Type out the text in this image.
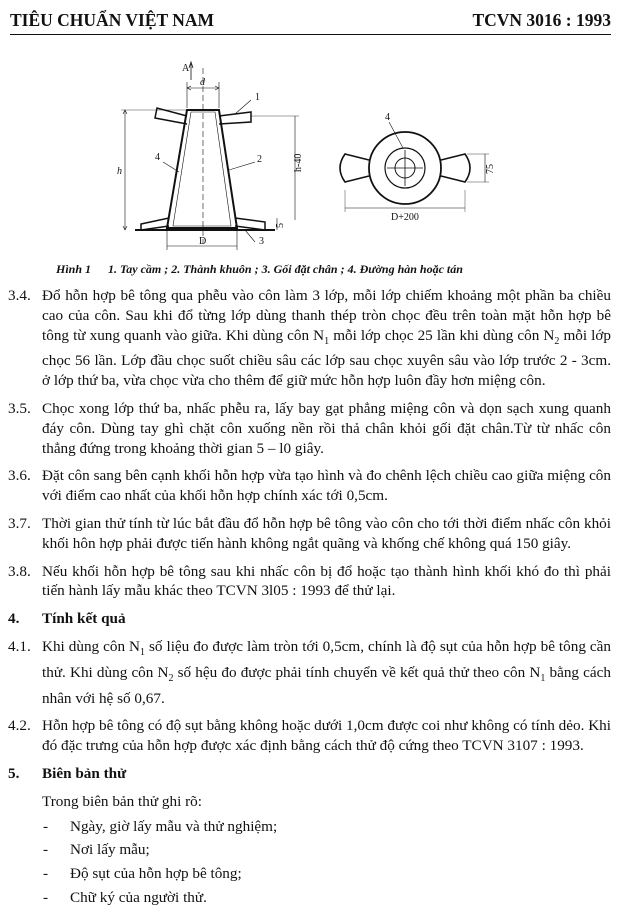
TIÊU CHUẨN VIỆT NAM	TCVN 3016 : 1993
A
d
1
2
4
h	h-40
5
D	3
4
75
D+200
Hình 1 1. Tay cầm ; 2. Thành khuôn ; 3. Gối đặt chân ; 4. Đường hàn hoặc tán
3.4. Đổ hỗn hợp bê tông qua phễu vào côn làm 3 lớp, mỗi lớp chiếm khoảng một phần ba chiều cao của côn. Sau khi đổ từng lớp dùng thanh thép tròn chọc đều trên toàn mặt hỗn hợp bê tông từ xung quanh vào giữa. Khi dùng côn $N_1$ mỗi lớp chọc 25 lần khi dùng côn $N_2$ mỗi lớp chọc 56 lần. Lớp đầu chọc suốt chiều sâu các lớp sau chọc xuyên sâu vào lớp trước 2 - 3cm. ở lớp thứ ba, vừa chọc vừa cho thêm để giữ mức hỗn hợp luôn đầy hơn miệng côn.
3.5. Chọc xong lớp thứ ba, nhấc phễu ra, lấy bay gạt phẳng miệng côn và dọn sạch xung quanh đáy côn. Dùng tay ghì chặt côn xuống nền rồi thả chân khỏi gối đặt chân.Từ từ nhấc côn thẳng đứng trong khoảng thời gian 5 – l0 giây.
3.6. Đặt côn sang bên cạnh khối hỗn hợp vừa tạo hình và đo chênh lệch chiều cao giữa miệng côn với điểm cao nhất của khối hỗn hợp chính xác tới 0,5cm.
3.7. Thời gian thử tính từ lúc bắt đầu đổ hỗn hợp bê tông vào côn cho tới thời điểm nhấc côn khỏi khối hôn hợp phải được tiến hành không ngắt quãng và khống chế không quá 150 giây.
3.8. Nếu khối hỗn hợp bê tông sau khi nhấc côn bị đổ hoặc tạo thành hình khối khó đo thì phải tiến hành lấy mẫu khác theo TCVN 3l05 : 1993 để thử lại.
4. Tính kết quả
4.1. Khi dùng côn $N_1$ số liệu đo được làm tròn tới 0,5cm, chính là độ sụt của hỗn hợp bê tông cần thử. Khi dùng côn $N_2$ số hệu đo được phải tính chuyển về kết quả thử theo côn $N_1$ bằng cách nhân với hệ số 0,67.
4.2. Hỗn hợp bê tông có độ sụt bằng không hoặc dưới 1,0cm được coi như không có tính dẻo. Khi đó đặc trưng của hỗn hợp được xác định bằng cách thử độ cứng theo TCVN 3107 : 1993.
5. Biên bản thử
Trong biên bản thử ghi rõ:
- Ngày, giờ lấy mẫu và thử nghiệm;
- Nơi lấy mẫu;
- Độ sụt của hỗn hợp bê tông;
- Chữ ký của người thử.
